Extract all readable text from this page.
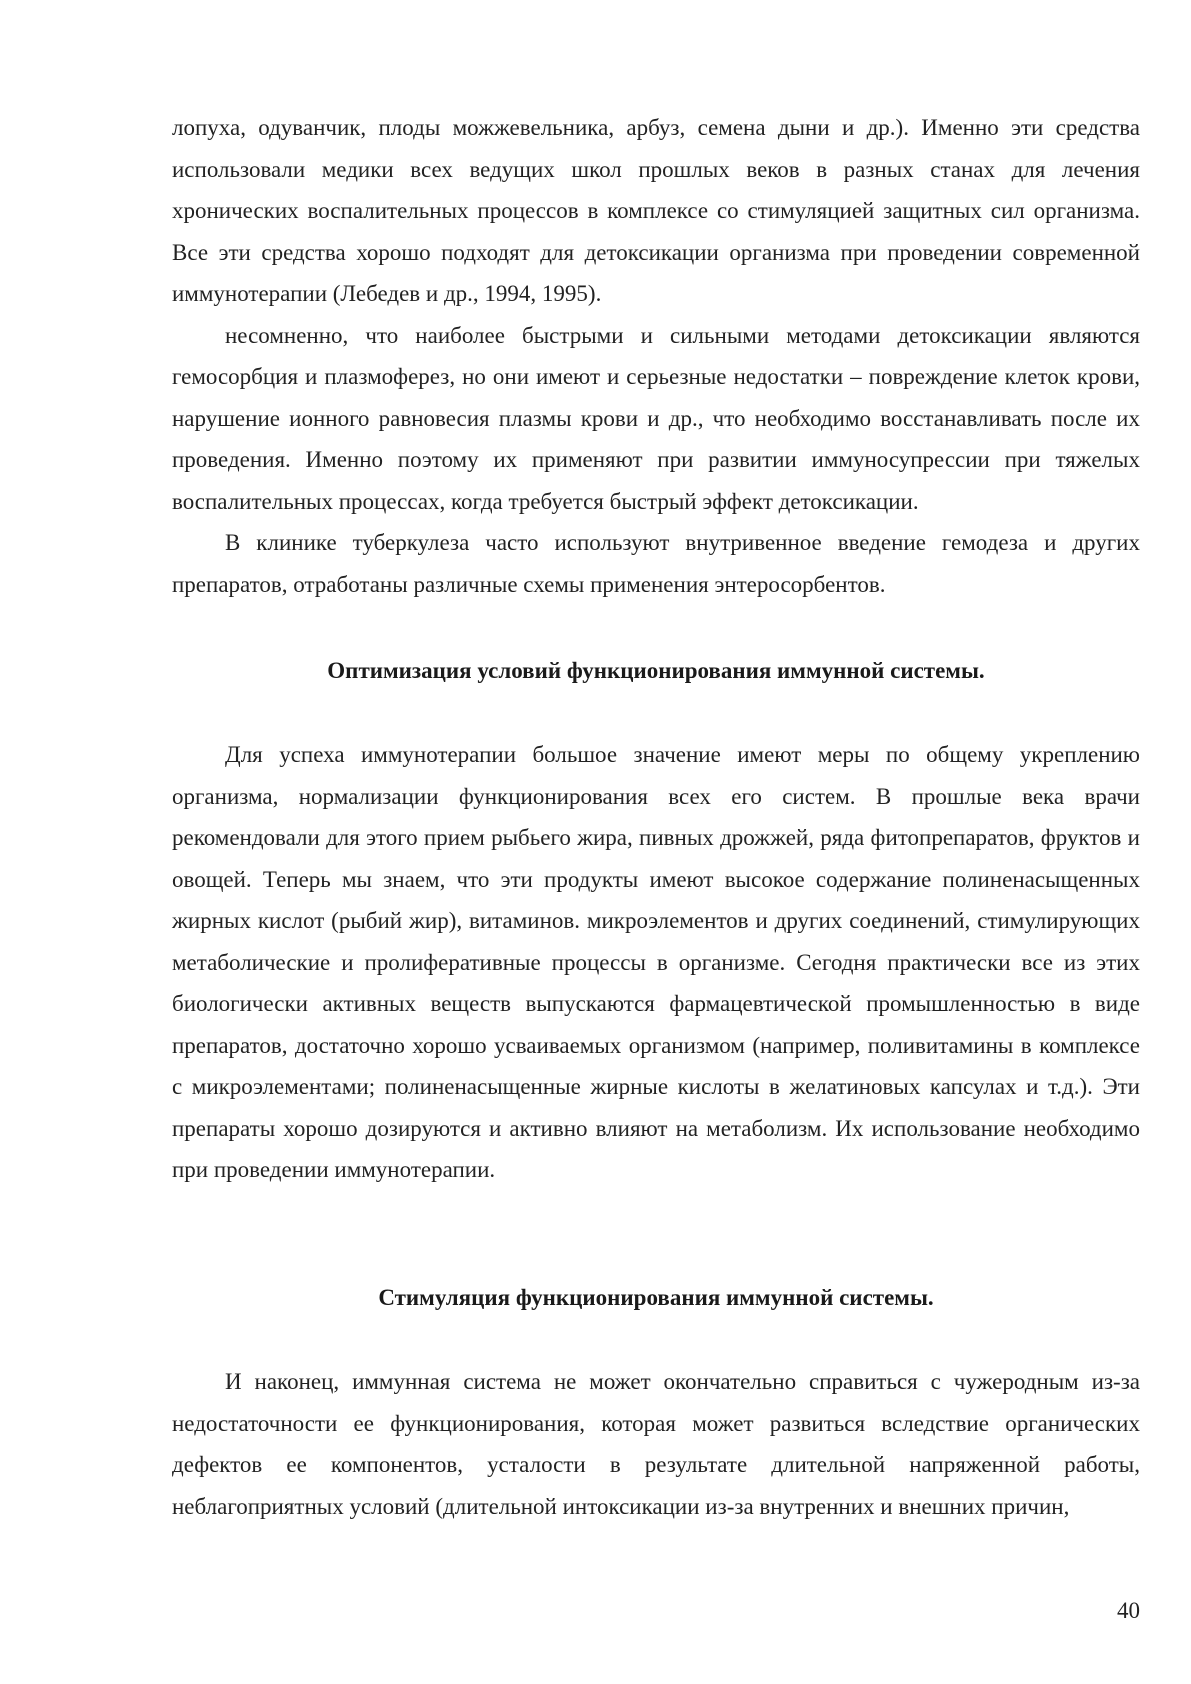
лопуха, одуванчик, плоды можжевельника, арбуз, семена дыни и др.). Именно эти средства использовали медики всех ведущих школ прошлых веков в разных станах для лечения хронических воспалительных процессов в комплексе со стимуляцией защитных сил организма. Все эти средства хорошо подходят для детоксикации организма при проведении современной иммунотерапии (Лебедев и др., 1994, 1995).

несомненно, что наиболее быстрыми и сильными методами детоксикации являются гемосорбция и плазмоферез, но они имеют и серьезные недостатки – повреждение клеток крови, нарушение ионного равновесия плазмы крови и др., что необходимо восстанавливать после их проведения. Именно поэтому их применяют при развитии иммуносупрессии при тяжелых воспалительных процессах, когда требуется быстрый эффект детоксикации.

В клинике туберкулеза часто используют внутривенное введение гемодеза и других препаратов, отработаны различные схемы применения энтеросорбентов.

Оптимизация условий функционирования иммунной системы.

Для успеха иммунотерапии большое значение имеют меры по общему укреплению организма, нормализации функционирования всех его систем. В прошлые века врачи рекомендовали для этого прием рыбьего жира, пивных дрожжей, ряда фитопрепаратов, фруктов и овощей. Теперь мы знаем, что эти продукты имеют высокое содержание полиненасыщенных жирных кислот (рыбий жир), витаминов. микроэлементов и других соединений, стимулирующих метаболические и пролиферативные процессы в организме. Сегодня практически все из этих биологически активных веществ выпускаются фармацевтической промышленностью в виде препаратов, достаточно хорошо усваиваемых организмом (например, поливитамины в комплексе с микроэлементами; полиненасыщенные жирные кислоты в желатиновых капсулах и т.д.). Эти препараты хорошо дозируются и активно влияют на метаболизм. Их использование необходимо при проведении иммунотерапии.

Стимуляция функционирования иммунной системы.

И наконец, иммунная система не может окончательно справиться с чужеродным из-за недостаточности ее функционирования, которая может развиться вследствие органических дефектов ее компонентов, усталости в результате длительной напряженной работы, неблагоприятных условий (длительной интоксикации из-за внутренних и внешних причин,

40
